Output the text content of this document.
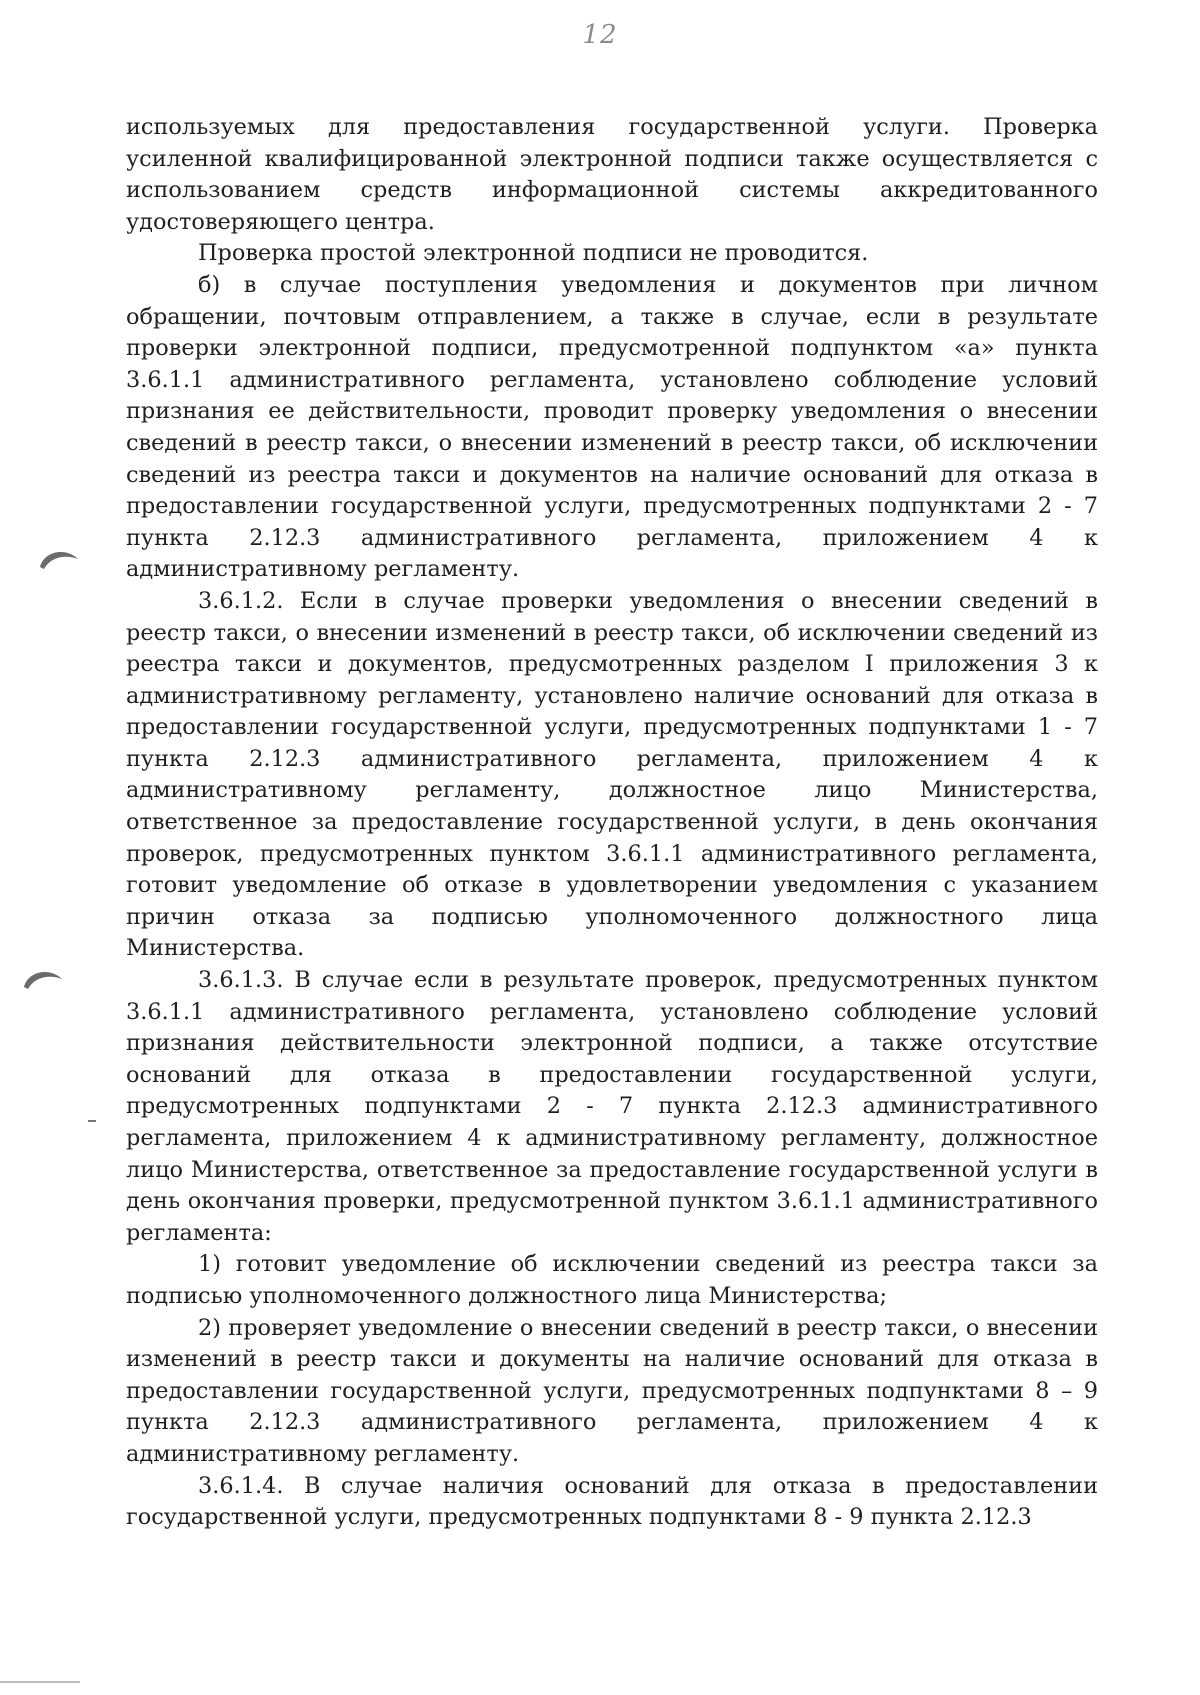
12

используемых для предоставления государственной услуги. Проверка усиленной квалифицированной электронной подписи также осуществляется с использованием средств информационной системы аккредитованного удостоверяющего центра.

Проверка простой электронной подписи не проводится.

б) в случае поступления уведомления и документов при личном обращении, почтовым отправлением, а также в случае, если в результате проверки электронной подписи, предусмотренной подпунктом «а» пункта 3.6.1.1 административного регламента, установлено соблюдение условий признания ее действительности, проводит проверку уведомления о внесении сведений в реестр такси, о внесении изменений в реестр такси, об исключении сведений из реестра такси и документов на наличие оснований для отказа в предоставлении государственной услуги, предусмотренных подпунктами 2 - 7 пункта 2.12.3 административного регламента, приложением 4 к административному регламенту.

3.6.1.2. Если в случае проверки уведомления о внесении сведений в реестр такси, о внесении изменений в реестр такси, об исключении сведений из реестра такси и документов, предусмотренных разделом I приложения 3 к административному регламенту, установлено наличие оснований для отказа в предоставлении государственной услуги, предусмотренных подпунктами 1 - 7 пункта 2.12.3 административного регламента, приложением 4 к административному регламенту, должностное лицо Министерства, ответственное за предоставление государственной услуги, в день окончания проверок, предусмотренных пунктом 3.6.1.1 административного регламента, готовит уведомление об отказе в удовлетворении уведомления с указанием причин отказа за подписью уполномоченного должностного лица Министерства.

3.6.1.3. В случае если в результате проверок, предусмотренных пунктом 3.6.1.1 административного регламента, установлено соблюдение условий признания действительности электронной подписи, а также отсутствие оснований для отказа в предоставлении государственной услуги, предусмотренных подпунктами 2 - 7 пункта 2.12.3 административного регламента, приложением 4 к административному регламенту, должностное лицо Министерства, ответственное за предоставление государственной услуги в день окончания проверки, предусмотренной пунктом 3.6.1.1 административного регламента:

1) готовит уведомление об исключении сведений из реестра такси за подписью уполномоченного должностного лица Министерства;

2) проверяет уведомление о внесении сведений в реестр такси, о внесении изменений в реестр такси и документы на наличие оснований для отказа в предоставлении государственной услуги, предусмотренных подпунктами 8 – 9 пункта 2.12.3 административного регламента, приложением 4 к административному регламенту.

3.6.1.4. В случае наличия оснований для отказа в предоставлении государственной услуги, предусмотренных подпунктами 8 - 9 пункта 2.12.3
